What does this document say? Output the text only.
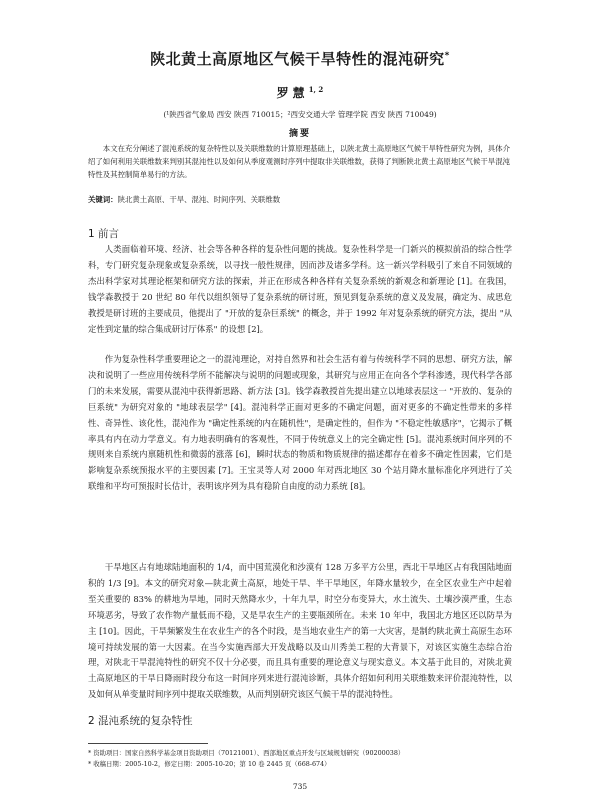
陕北黄土高原地区气候干旱特性的混沌研究*
罗慧$^{1, 2}$
(¹陕西省气象局 西安 陕西 710015；²西安交通大学 管理学院 西安 陕西 710049)
摘要

本文在充分阐述了混沌系统的复杂特性以及关联维数的计算原理基础上，以陕北黄土高原地区气候干旱特性研究为例，具体介绍了如何利用关联维数来判别其混沌性以及如何从季度观测时序列中提取非关联维数，获得了判断陕北黄土高原地区气候干旱混沌特性及其控制简单易行的方法。

关键词：陕北黄土高原、干旱、混沌、时间序列、关联维数
1 前言

人类面临着环境、经济、社会等各种各样的复杂性问题的挑战。复杂性科学是一门新兴的模拟前沿的综合性学科，专门研究复杂现象或复杂系统，以寻找一般性规律，因而涉及诸多学科。这一新兴学科吸引了来自不同领域的杰出科学家对其理论框架和研究方法的探索，并正在形成各种各样有关复杂系统的新观念和新理论 [1]。在我国，钱学森教授于 20 世纪 80 年代以组织领导了复杂系统的研讨班，预见到复杂系统的意义及发展，确定为、成思危教授是研讨班的主要成员，他提出了 "开放的复杂巨系统" 的概念，并于 1992 年对复杂系统的研究方法，提出 "从定性到定量的综合集成研讨厅体系" 的设想 [2]。

作为复杂性科学重要理论之一的混沌理论，对持自然界和社会生活有着与传统科学不同的思想、研究方法，解决和说明了一些应用传统科学所不能解决与说明的问题或现象，其研究与应用正在向各个学科渗透，现代科学各部门的未来发展，需要从混沌中获得新思路、新方法 [3]。钱学森教授首先提出建立以地球表层这一 "开放的、复杂的巨系统" 为研究对象的 "地球表层学" [4]。混沌科学正面对更多的不确定问题，面对更多的不确定性带来的多样性、奇异性、该化性，混沌作为 "确定性系统的内在随机性"，是确定性的，但作为 "不稳定性敏感序"，它揭示了概率具有内在动力学意义。有力地表明确有的客观性，不同于传统意义上的完全确定性 [5]。混沌系统时间序列的不规则来自系统内禀随机性和微弱的涨落 [6]，瞬时状态的物质和物质规律的描述都存在着多不确定性因素，它们是影响复杂系统预报水平的主要因素 [7]。王宝灵等人对 2000 年对西北地区 30 个站月降水量标准化序列进行了关联维和平均可预报时长估计，表明该序列为具有稳阶自由度的动力系统 [8]。

干旱地区占有地球陆地面积的 1/4，而中国荒漠化和沙漠有 128 万多平方公里，西北干旱地区占有我国陆地面积的 1/3 [9]。本文的研究对象—陕北黄土高原，地处干旱、半干旱地区，年降水量较少，在全区农业生产中起着至关重要的 83% 的耕地为旱地，同时天然降水少，十年九旱，时空分布变异大，水土流失、土壤沙漠严重，生态环境恶劣，导致了农作物产量低而不稳，又是旱农生产的主要瓶颈所在。未来 10 年中，我国北方地区还以防旱为主 [10]。因此，干旱频繁发生在农业生产的各个时段，是当地农业生产的第一大灾害，是制约陕北黄土高原生态环境可持续发展的第一大因素。在当今实施西部大开发战略以及山川秀美工程的大背景下，对该区实施生态综合治理，对陕北干旱混沌特性的研究不仅十分必要，而且具有重要的理论意义与现实意义。本文基于此目的，对陕北黄土高原地区的干旱日降雨时段分布这一时间序列来进行混沌诊断，具体介绍如何利用关联维数来评价混沌特性，以及如何从单变量时间序列中提取关联维数，从而判别研究该区气候干旱的混沌特性。

2 混沌系统的复杂特性
* 资助项目：国家自然科学基金项目资助项目（70121001）、西部地区重点开发与区域规划研究（90200038）
* 收稿日期：2005-10-2，修定日期：2005-10-20；第 10 卷 2445 页（668-674）
735
